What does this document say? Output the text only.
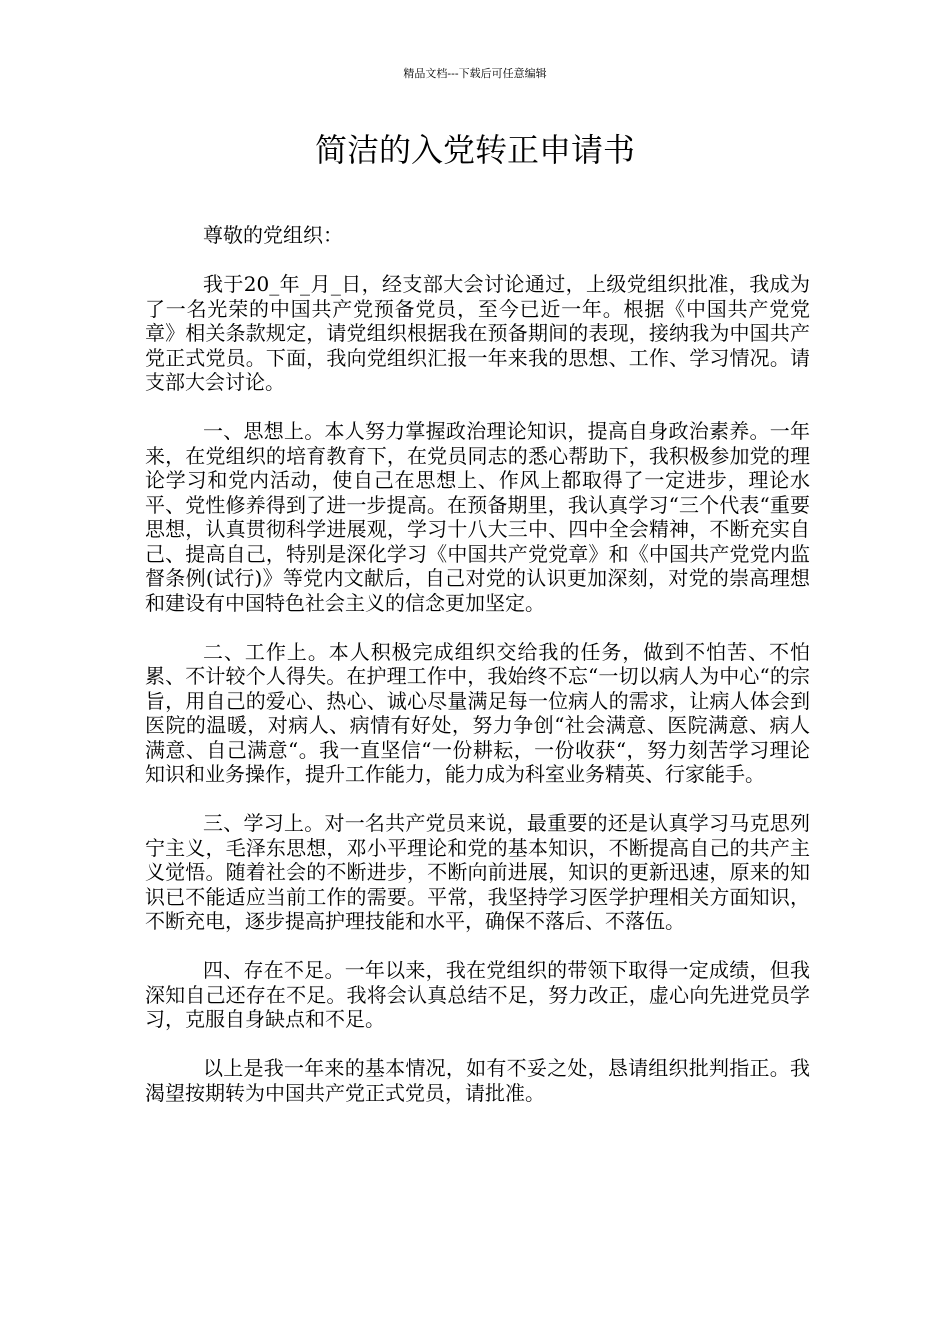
精品文档---下载后可任意编辑
简洁的入党转正申请书

尊敬的党组织：

我于20_年_月_日，经支部大会讨论通过，上级党组织批准，我成为了一名光荣的中国共产党预备党员，至今已近一年。根据《中国共产党党章》相关条款规定，请党组织根据我在预备期间的表现，接纳我为中国共产党正式党员。下面，我向党组织汇报一年来我的思想、工作、学习情况。请支部大会讨论。

一、思想上。本人努力掌握政治理论知识，提高自身政治素养。一年来，在党组织的培育教育下，在党员同志的悉心帮助下，我积极参加党的理论学习和党内活动，使自己在思想上、作风上都取得了一定进步，理论水平、党性修养得到了进一步提高。在预备期里，我认真学习“三个代表“重要思想，认真贯彻科学进展观，学习十八大三中、四中全会精神，不断充实自己、提高自己，特别是深化学习《中国共产党党章》和《中国共产党党内监督条例(试行)》等党内文献后，自己对党的认识更加深刻，对党的崇高理想和建设有中国特色社会主义的信念更加坚定。

二、工作上。本人积极完成组织交给我的任务，做到不怕苦、不怕累、不计较个人得失。在护理工作中，我始终不忘“一切以病人为中心“的宗旨，用自己的爱心、热心、诚心尽量满足每一位病人的需求，让病人体会到医院的温暖，对病人、病情有好处，努力争创“社会满意、医院满意、病人满意、自己满意“。我一直坚信“一份耕耘，一份收获“，努力刻苦学习理论知识和业务操作，提升工作能力，能力成为科室业务精英、行家能手。

三、学习上。对一名共产党员来说，最重要的还是认真学习马克思列宁主义，毛泽东思想，邓小平理论和党的基本知识，不断提高自己的共产主义觉悟。随着社会的不断进步，不断向前进展，知识的更新迅速，原来的知识已不能适应当前工作的需要。平常，我坚持学习医学护理相关方面知识，不断充电，逐步提高护理技能和水平，确保不落后、不落伍。

四、存在不足。一年以来，我在党组织的带领下取得一定成绩，但我深知自己还存在不足。我将会认真总结不足，努力改正，虚心向先进党员学习，克服自身缺点和不足。

以上是我一年来的基本情况，如有不妥之处，恳请组织批判指正。我渴望按期转为中国共产党正式党员，请批准。
